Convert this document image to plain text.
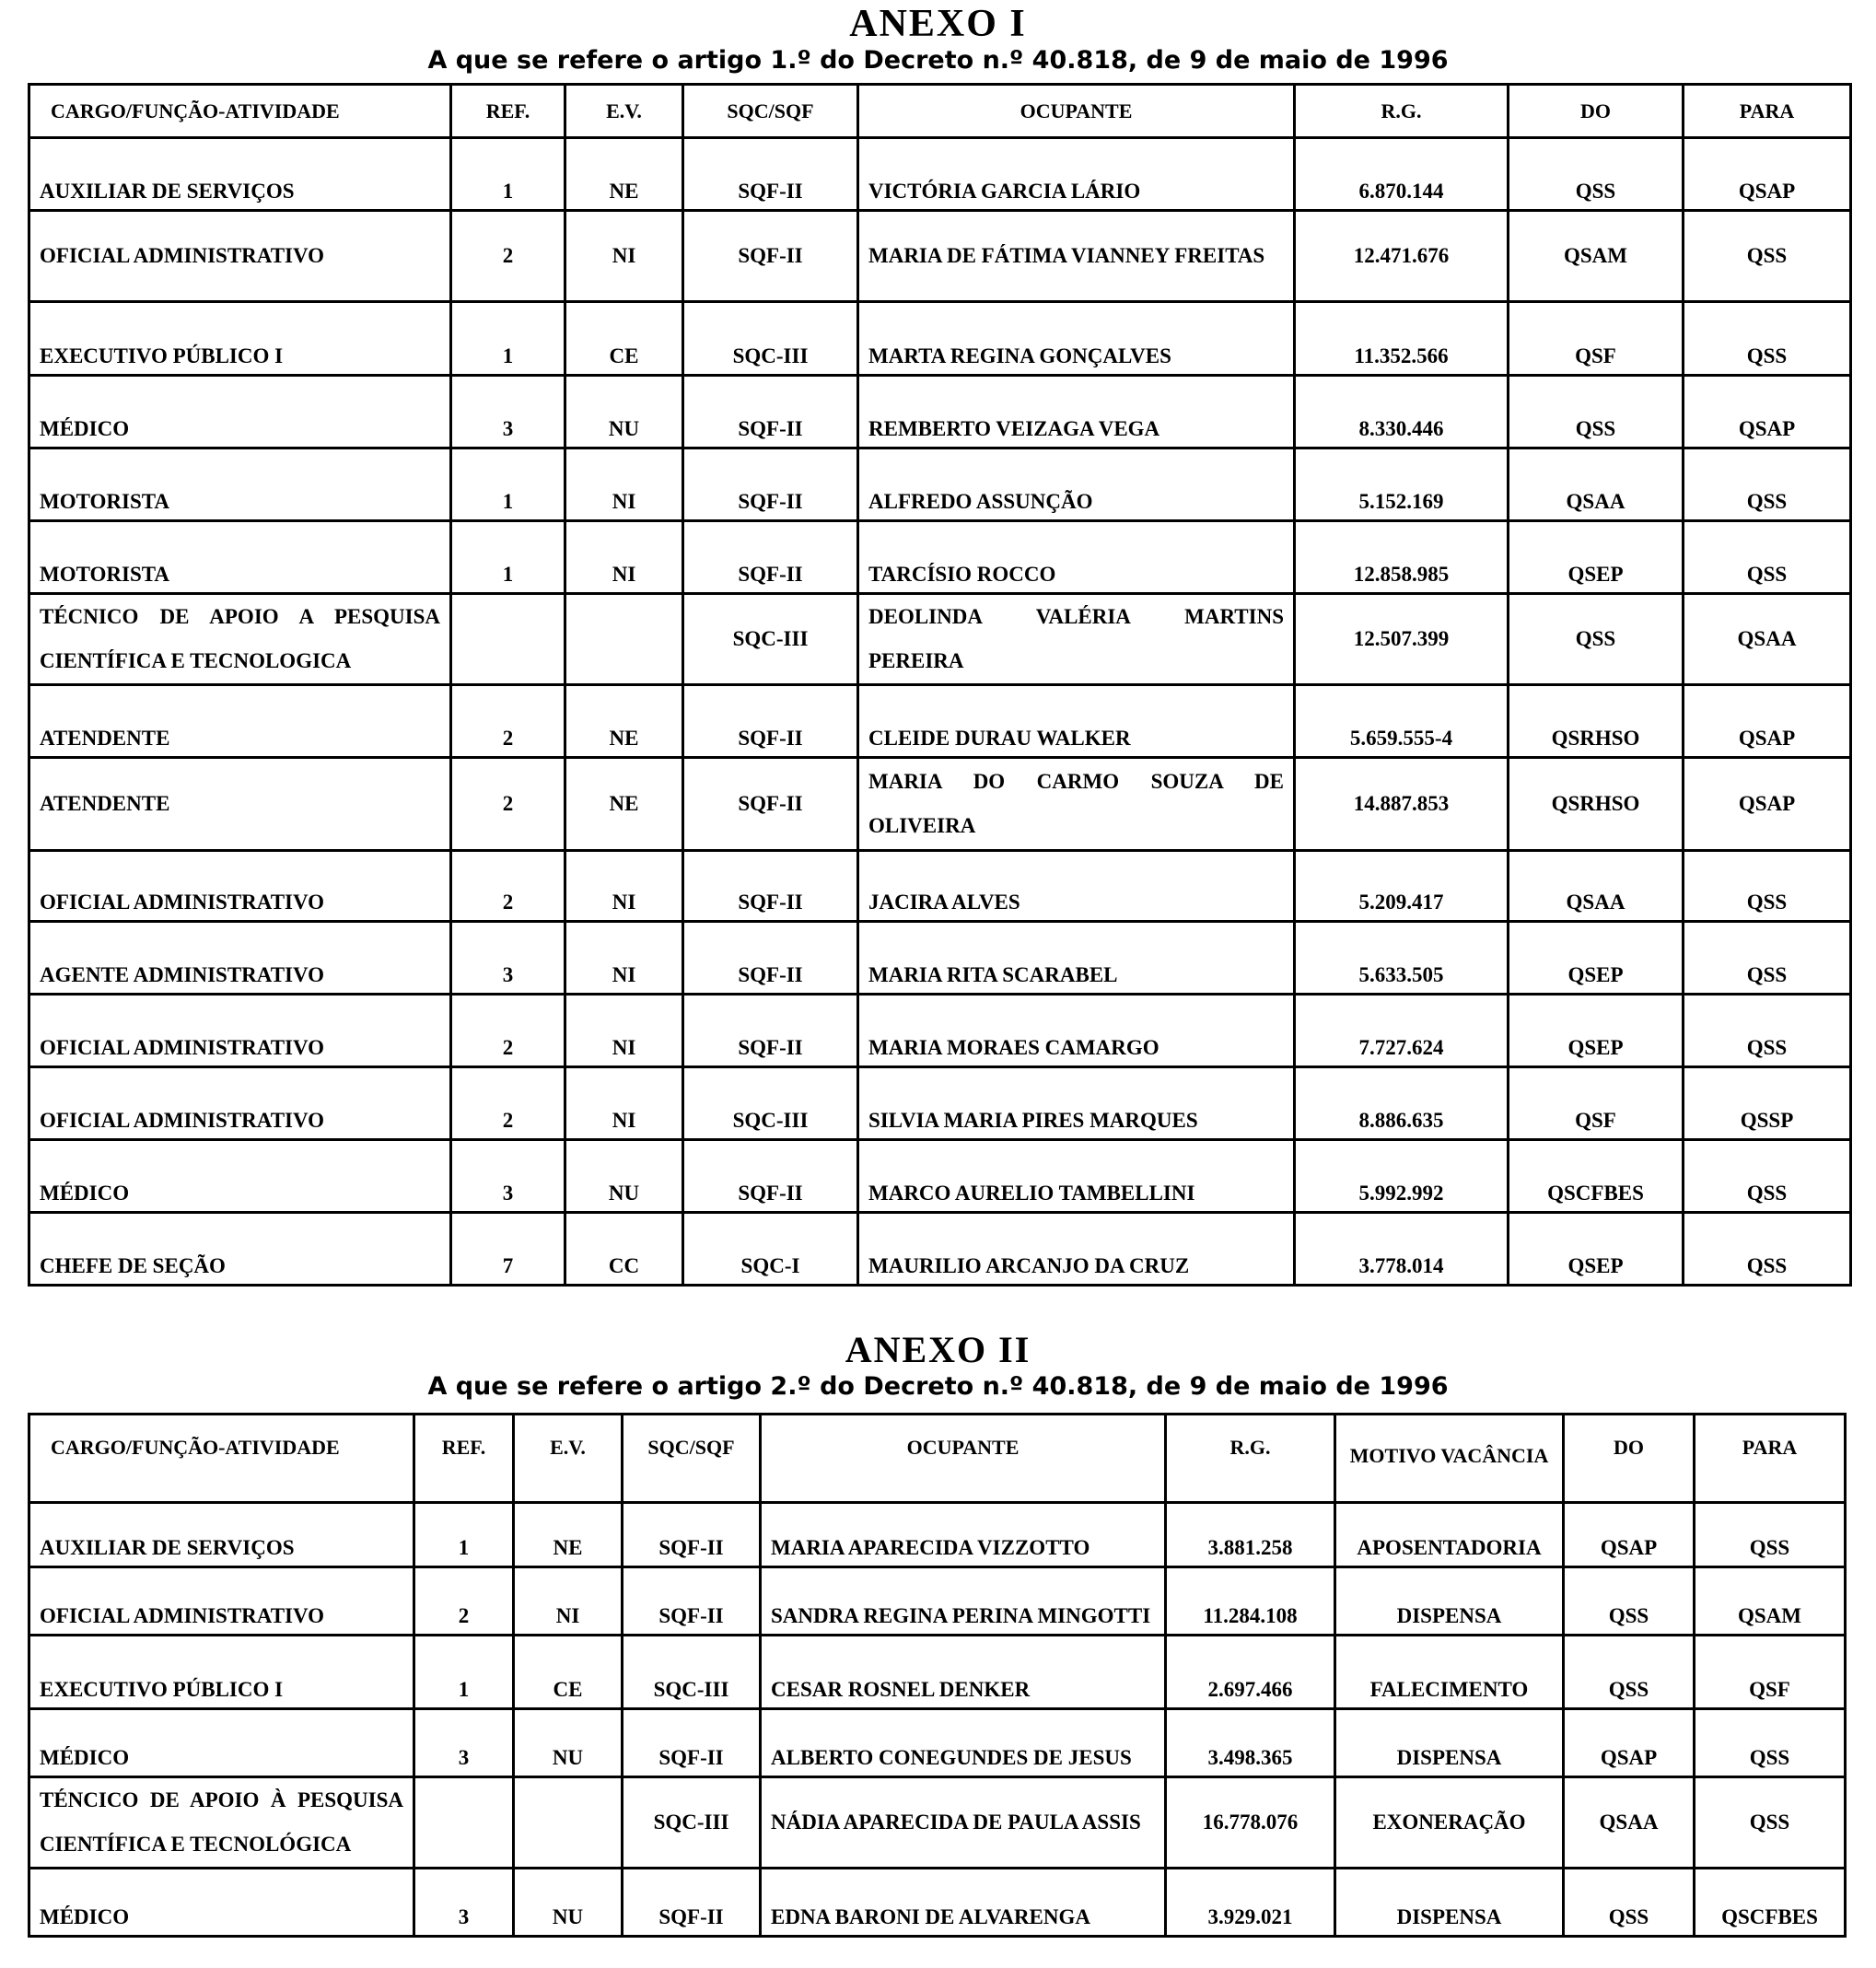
ANEXO I
A que se refere o artigo 1.º do Decreto n.º 40.818, de 9 de maio de 1996
CARGO/FUNÇÃO-ATIVIDADE	REF.	E.V.	SQC/SQF	OCUPANTE	R.G.	DO	PARA
AUXILIAR DE SERVIÇOS	1	NE	SQF-II	VICTÓRIA GARCIA LÁRIO	6.870.144	QSS	QSAP
OFICIAL ADMINISTRATIVO	2	NI	SQF-II	MARIA DE FÁTIMA VIANNEY FREITAS	12.471.676	QSAM	QSS
EXECUTIVO PÚBLICO I	1	CE	SQC-III	MARTA REGINA GONÇALVES	11.352.566	QSF	QSS
MÉDICO	3	NU	SQF-II	REMBERTO VEIZAGA VEGA	8.330.446	QSS	QSAP
MOTORISTA	1	NI	SQF-II	ALFREDO ASSUNÇÃO	5.152.169	QSAA	QSS
MOTORISTA	1	NI	SQF-II	TARCÍSIO ROCCO	12.858.985	QSEP	QSS
TÉCNICO DE APOIO A PESQUISA CIENTÍFICA E TECNOLOGICA			SQC-III	DEOLINDA VALÉRIA MARTINS PEREIRA	12.507.399	QSS	QSAA
ATENDENTE	2	NE	SQF-II	CLEIDE DURAU WALKER	5.659.555-4	QSRHSO	QSAP
ATENDENTE	2	NE	SQF-II	MARIA DO CARMO SOUZA DE OLIVEIRA	14.887.853	QSRHSO	QSAP
OFICIAL ADMINISTRATIVO	2	NI	SQF-II	JACIRA ALVES	5.209.417	QSAA	QSS
AGENTE ADMINISTRATIVO	3	NI	SQF-II	MARIA RITA SCARABEL	5.633.505	QSEP	QSS
OFICIAL ADMINISTRATIVO	2	NI	SQF-II	MARIA MORAES CAMARGO	7.727.624	QSEP	QSS
OFICIAL ADMINISTRATIVO	2	NI	SQC-III	SILVIA MARIA PIRES MARQUES	8.886.635	QSF	QSSP
MÉDICO	3	NU	SQF-II	MARCO AURELIO TAMBELLINI	5.992.992	QSCFBES	QSS
CHEFE DE SEÇÃO	7	CC	SQC-I	MAURILIO ARCANJO DA CRUZ	3.778.014	QSEP	QSS
ANEXO II
A que se refere o artigo 2.º do Decreto n.º 40.818, de 9 de maio de 1996
CARGO/FUNÇÃO-ATIVIDADE	REF.	E.V.	SQC/SQF	OCUPANTE	R.G.	MOTIVO VACÂNCIA	DO	PARA
AUXILIAR DE SERVIÇOS	1	NE	SQF-II	MARIA APARECIDA VIZZOTTO	3.881.258	APOSENTADORIA	QSAP	QSS
OFICIAL ADMINISTRATIVO	2	NI	SQF-II	SANDRA REGINA PERINA MINGOTTI	11.284.108	DISPENSA	QSS	QSAM
EXECUTIVO PÚBLICO I	1	CE	SQC-III	CESAR ROSNEL DENKER	2.697.466	FALECIMENTO	QSS	QSF
MÉDICO	3	NU	SQF-II	ALBERTO CONEGUNDES DE JESUS	3.498.365	DISPENSA	QSAP	QSS
TÉNCICO DE APOIO À PESQUISA CIENTÍFICA E TECNOLÓGICA			SQC-III	NÁDIA APARECIDA DE PAULA ASSIS	16.778.076	EXONERAÇÃO	QSAA	QSS
MÉDICO	3	NU	SQF-II	EDNA BARONI DE ALVARENGA	3.929.021	DISPENSA	QSS	QSCFBES
